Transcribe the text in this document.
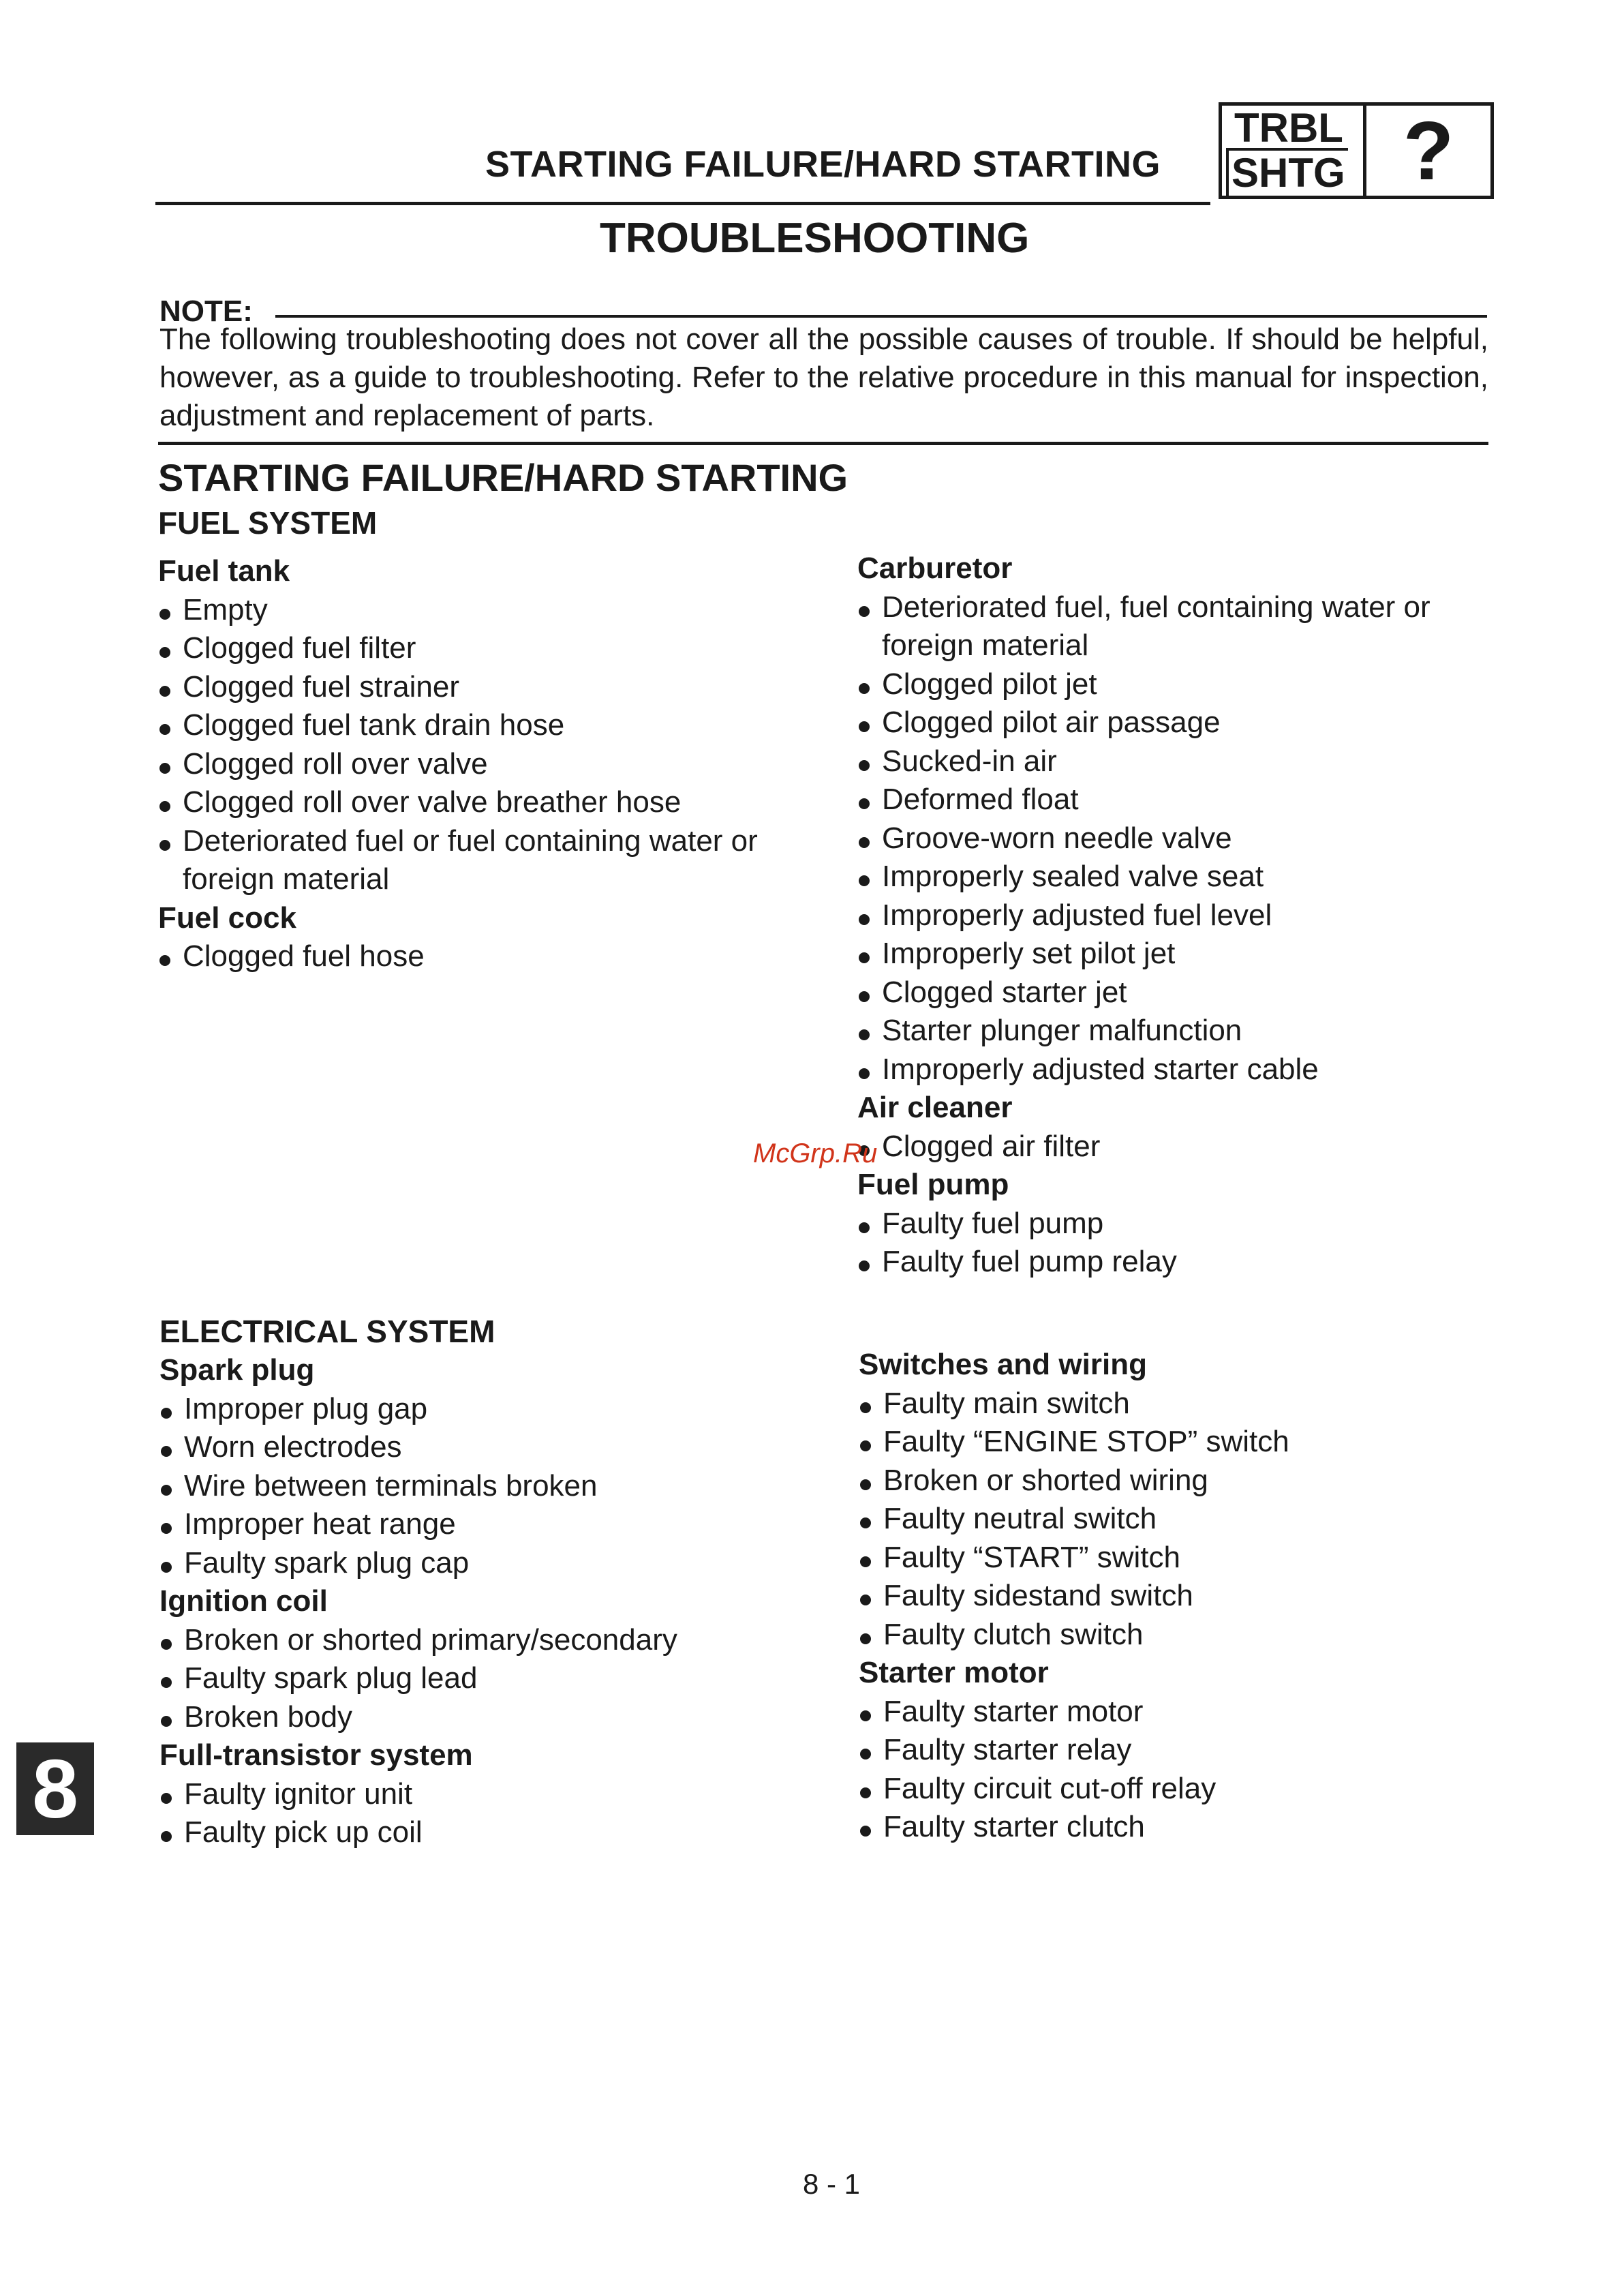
STARTING FAILURE/HARD STARTING
TRBL
SHTG ?
TROUBLESHOOTING
NOTE:
The following troubleshooting does not cover all the possible causes of trouble. If should be helpful, however, as a guide to troubleshooting. Refer to the relative procedure in this manual for inspection, adjustment and replacement of parts.
STARTING FAILURE/HARD STARTING
FUEL SYSTEM
Fuel tank
Empty
Clogged fuel filter
Clogged fuel strainer
Clogged fuel tank drain hose
Clogged roll over valve
Clogged roll over valve breather hose
Deteriorated fuel or fuel containing water or foreign material
Fuel cock
Clogged fuel hose
Carburetor
Deteriorated fuel, fuel containing water or foreign material
Clogged pilot jet
Clogged pilot air passage
Sucked-in air
Deformed float
Groove-worn needle valve
Improperly sealed valve seat
Improperly adjusted fuel level
Improperly set pilot jet
Clogged starter jet
Starter plunger malfunction
Improperly adjusted starter cable
Air cleaner
Clogged air filter
Fuel pump
Faulty fuel pump
Faulty fuel pump relay
ELECTRICAL SYSTEM
Spark plug
Improper plug gap
Worn electrodes
Wire between terminals broken
Improper heat range
Faulty spark plug cap
Ignition coil
Broken or shorted primary/secondary
Faulty spark plug lead
Broken body
Full-transistor system
Faulty ignitor unit
Faulty pick up coil
Switches and wiring
Faulty main switch
Faulty “ENGINE STOP” switch
Broken or shorted wiring
Faulty neutral switch
Faulty “START” switch
Faulty sidestand switch
Faulty clutch switch
Starter motor
Faulty starter motor
Faulty starter relay
Faulty circuit cut-off relay
Faulty starter clutch
McGrp.Ru
8
8 - 1
